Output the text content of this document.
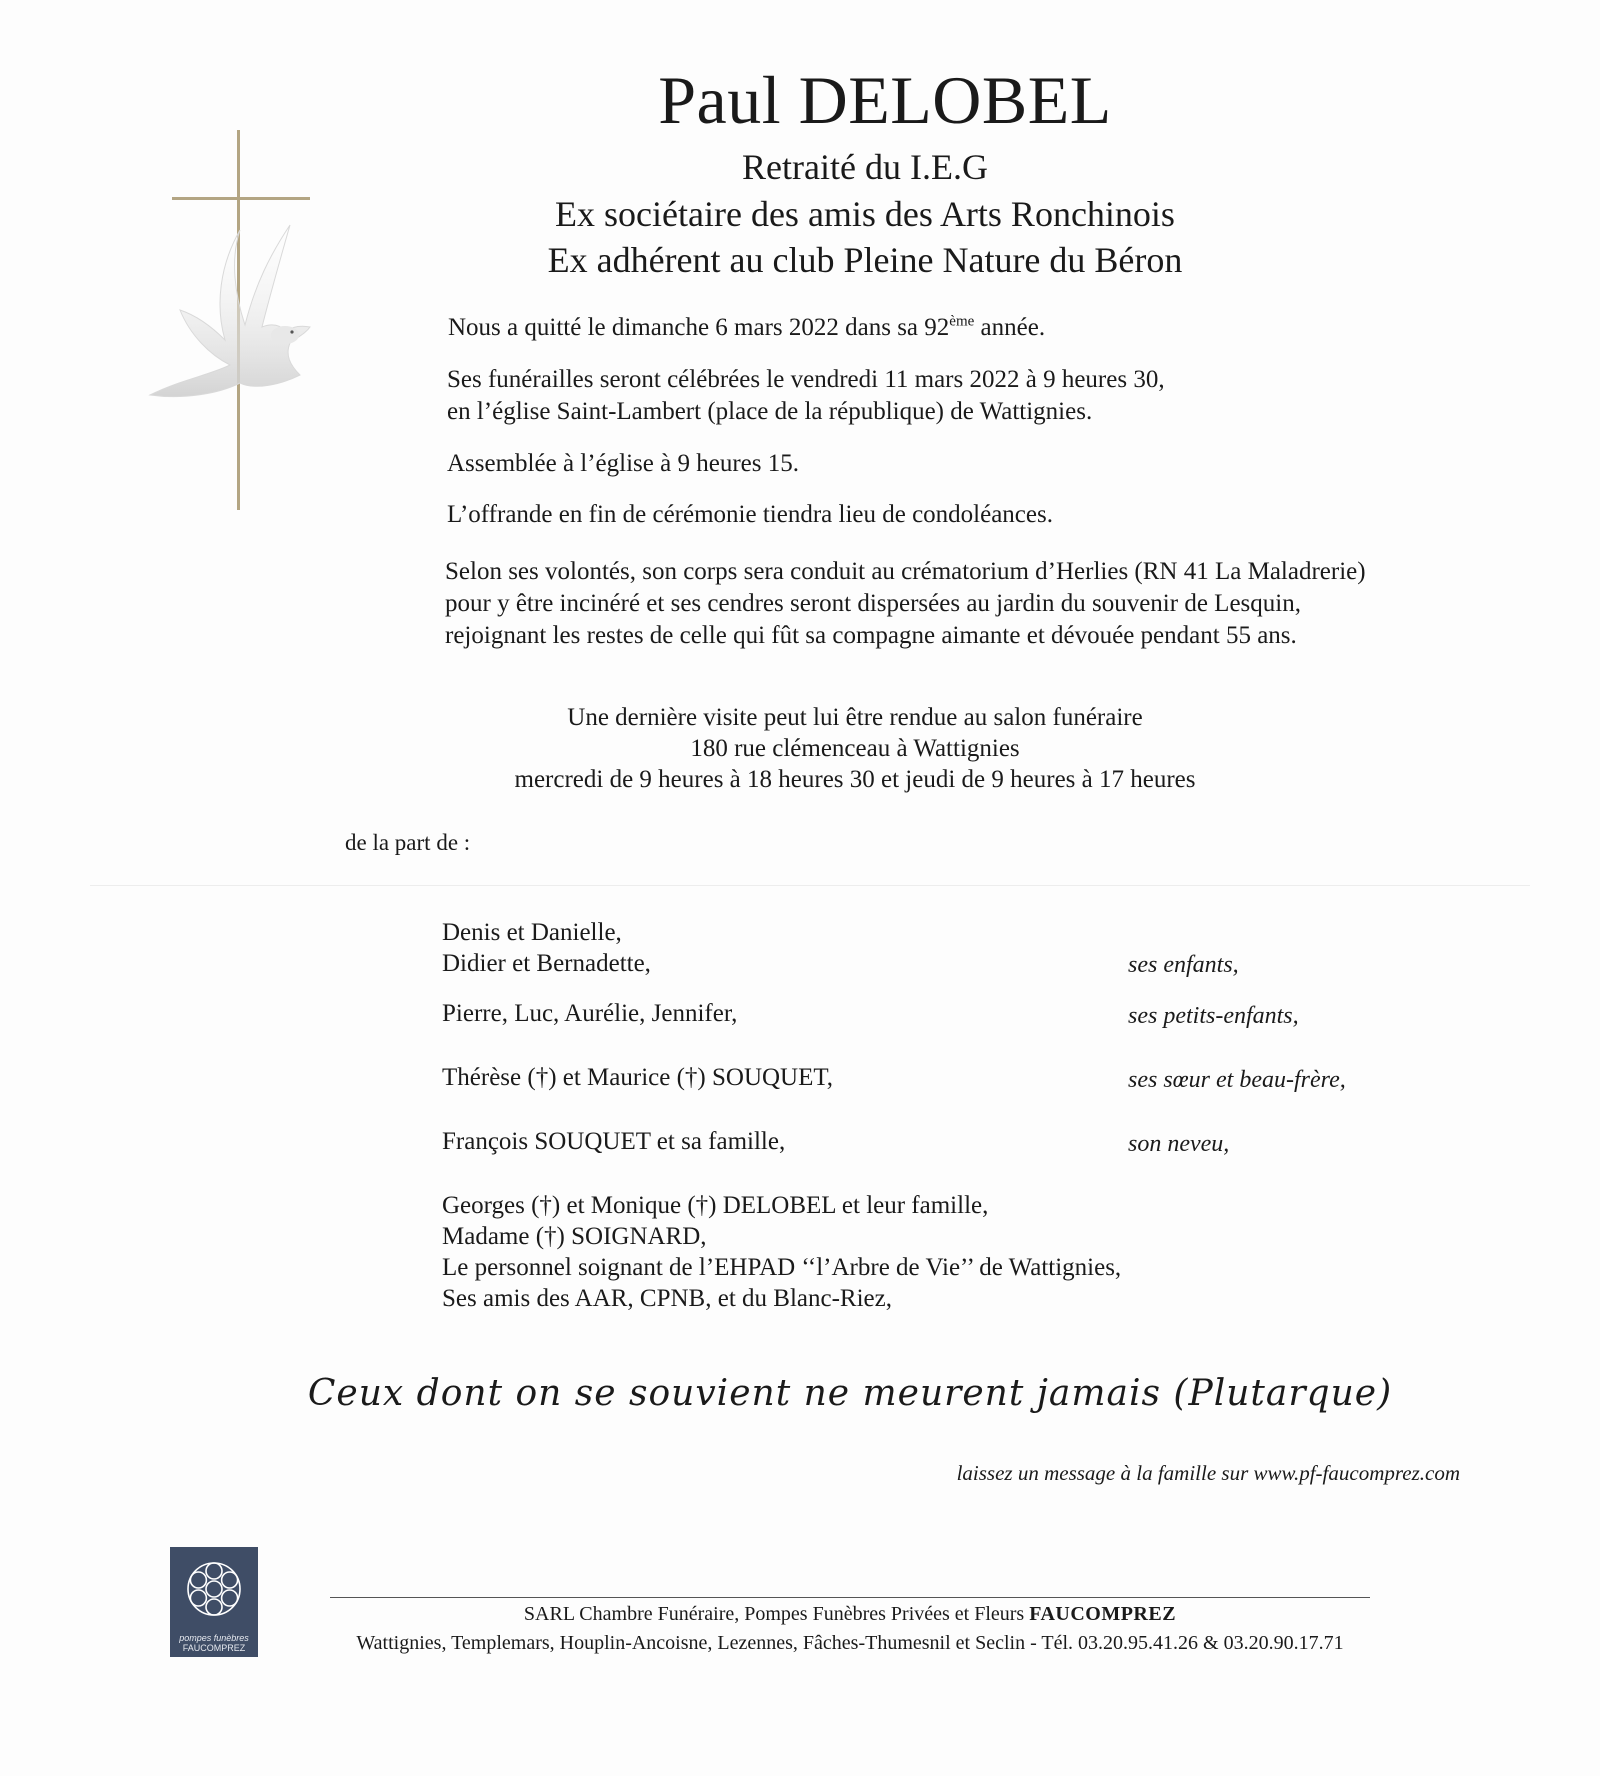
Paul DELOBEL
Retraité du I.E.G
Ex sociétaire des amis des Arts Ronchinois
Ex adhérent au club Pleine Nature du Béron
Nous a quitté le dimanche 6 mars 2022 dans sa 92ème année.
Ses funérailles seront célébrées le vendredi 11 mars 2022 à 9 heures 30,
en l’église Saint-Lambert (place de la république) de Wattignies.
Assemblée à l’église à 9 heures 15.
L’offrande en fin de cérémonie tiendra lieu de condoléances.
Selon ses volontés, son corps sera conduit au crématorium d’Herlies (RN 41 La Maladrerie)
pour y être incinéré et ses cendres seront dispersées au jardin du souvenir de Lesquin,
rejoignant les restes de celle qui fût sa compagne aimante et dévouée pendant 55 ans.
Une dernière visite peut lui être rendue au salon funéraire
180 rue clémenceau à Wattignies
mercredi de 9 heures à 18 heures 30 et jeudi de 9 heures à 17 heures
de la part de :
Denis et Danielle,
Didier et Bernadette,	ses enfants,
Pierre, Luc, Aurélie, Jennifer,	ses petits-enfants,
Thérèse (†) et Maurice (†) SOUQUET,	ses sœur et beau-frère,
François SOUQUET et sa famille,	son neveu,
Georges (†) et Monique (†) DELOBEL et leur famille,
Madame (†) SOIGNARD,
Le personnel soignant de l’EHPAD ‘‘l’Arbre de Vie’’ de Wattignies,
Ses amis des AAR, CPNB, et du Blanc-Riez,
Ceux dont on se souvient ne meurent jamais (Plutarque)
laissez un message à la famille sur www.pf-faucomprez.com
pompes funèbres
FAUCOMPREZ
SARL Chambre Funéraire, Pompes Funèbres Privées et Fleurs FAUCOMPREZ
Wattignies, Templemars, Houplin-Ancoisne, Lezennes, Fâches-Thumesnil et Seclin - Tél. 03.20.95.41.26 & 03.20.90.17.71
